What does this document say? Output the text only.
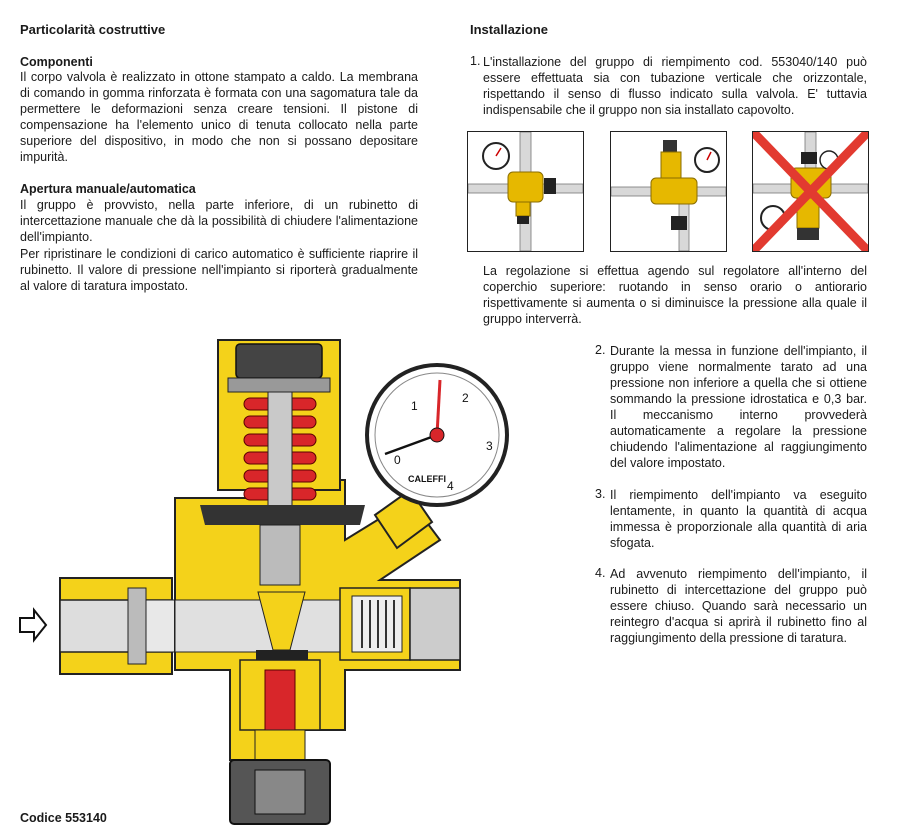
Particolarità costruttive
Componenti

Il corpo valvola è realizzato in ottone stampato a caldo. La membrana di comando in gomma rinforzata è formata con una sagomatura tale da permettere le deformazioni senza creare tensioni. Il pistone di compensazione ha l'elemento unico di tenuta collocato nella parte superiore del dispositivo, in modo che non si possano depositare impurità.

Apertura manuale/automatica

Il gruppo è provvisto, nella parte inferiore, di un rubinetto di intercettazione manuale che dà la possibilità di chiudere l'alimentazione dell'impianto.

Per ripristinare le condizioni di carico automatico è sufficiente riaprire il rubinetto. Il valore di pressione nell'impianto si riporterà gradualmente al valore di taratura impostato.

Codice 553140
Installazione
1. L'installazione del gruppo di riempimento cod. 553040/140 può essere effettuata sia con tubazione verticale che orizzontale, rispettando il senso di flusso indicato sulla valvola. E' tuttavia indispensabile che il gruppo non sia installato capovolto.

La regolazione si effettua agendo sul regolatore all'interno del coperchio superiore: ruotando in senso orario o antiorario rispettivamente si aumenta o si diminuisce la pressione alla quale il gruppo interverrà.

2. Durante la messa in funzione dell'impianto, il gruppo viene normalmente tarato ad una pressione non inferiore a quella che si ottiene sommando la pressione idrostatica e 0,3 bar. Il meccanismo interno provvederà automaticamente a regolare la pressione chiudendo l'alimentazione al raggiungimento del valore impostato.

3. Il riempimento dell'impianto va eseguito lentamente, in quanto la quantità di acqua immessa è proporzionale alla quantità di aria sfogata.

4. Ad avvenuto riempimento dell'impianto, il rubinetto di intercettazione del gruppo può essere chiuso. Quando sarà necessario un reintegro d'acqua si aprirà il rubinetto fino al raggiungimento della pressione di taratura.

0
1
2
3
4
CALEFFI
